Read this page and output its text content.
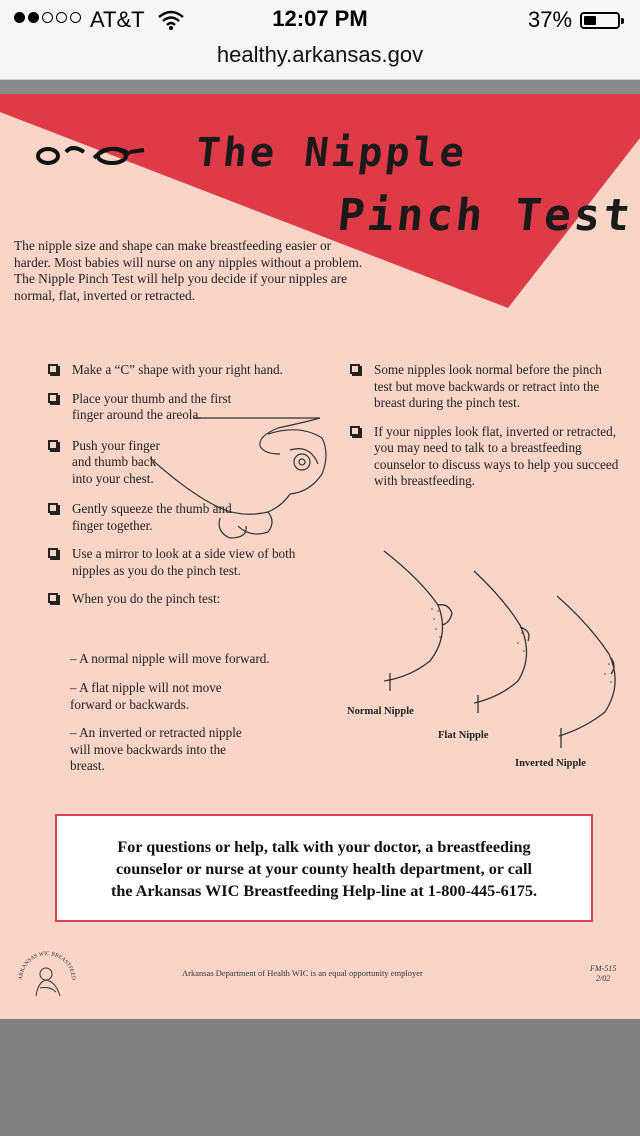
AT&T	12:07 PM	37%
healthy.arkansas.gov
The Nipple
Pinch Test

The nipple size and shape can make breastfeeding easier or harder. Most babies will nurse on any nipples without a problem. The Nipple Pinch Test will help you decide if your nipples are normal, flat, inverted or retracted.

Make a “C” shape with your right hand.
Place your thumb and the first finger around the areola.
Push your finger and thumb back into your chest.
Gently squeeze the thumb and finger together.
Use a mirror to look at a side view of both nipples as you do the pinch test.
When you do the pinch test:
– A normal nipple will move forward.
– A flat nipple will not move forward or backwards.
– An inverted or retracted nipple will move backwards into the breast.
Some nipples look normal before the pinch test but move backwards or retract into the breast during the pinch test.
If your nipples look flat, inverted or retracted, you may need to talk to a breastfeeding counselor to discuss ways to help you succeed with breastfeeding.
Normal Nipple
Flat Nipple
Inverted Nipple
For questions or help, talk with your doctor, a breastfeeding
counselor or nurse at your county health department, or call
the Arkansas WIC Breastfeeding Help-line at 1-800-445-6175.
ARKANSAS WIC BREASTFEED
Arkansas Department of Health WIC is an equal opportunity employer	FM-515
2/02
